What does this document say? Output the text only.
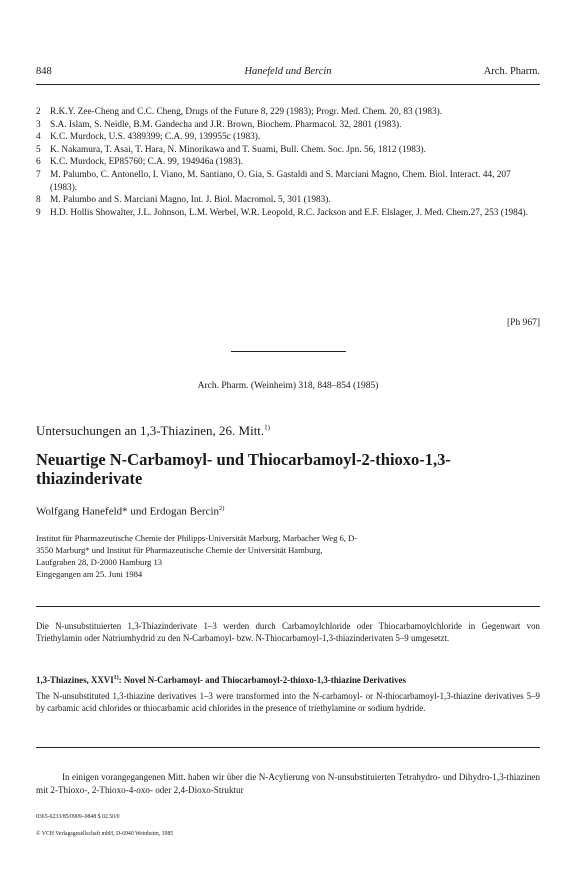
848	Hanefeld und Bercin	Arch. Pharm.
2 R.K.Y. Zee-Cheng and C.C. Cheng, Drugs of the Future 8, 229 (1983); Progr. Med. Chem. 20, 83 (1983).
3 S.A. Islam, S. Neidle, B.M. Gandecha and J.R. Brown, Biochem. Pharmacol. 32, 2801 (1983).
4 K.C. Murdock, U.S. 4389399; C.A. 99, 139955c (1983).
5 K. Nakamura, T. Asai, T. Hara, N. Minorikawa and T. Suami, Bull. Chem. Soc. Jpn. 56, 1812 (1983).
6 K.C. Murdock, EP85760; C.A. 99, 194946a (1983).
7 M. Palumbo, C. Antonello, I. Viano, M. Santiano, O. Gia, S. Gastaldi and S. Marciani Magno, Chem. Biol. Interact. 44, 207 (1983).
8 M. Palumbo and S. Marciani Magno, Int. J. Biol. Macromol. 5, 301 (1983).
9 H.D. Hollis Showalter, J.L. Johnson, L.M. Werbel, W.R. Leopold, R.C. Jackson and E.F. Elslager, J. Med. Chem.27, 253 (1984).
[Ph 967]
Arch. Pharm. (Weinheim) 318, 848–854 (1985)
Untersuchungen an 1,3-Thiazinen, 26. Mitt.$^{1)}$
Neuartige N-Carbamoyl- und Thiocarbamoyl-2-thioxo-1,3-thiazinderivate
Wolfgang Hanefeld* und Erdogan Bercin$^{2)}$
Institut für Pharmazeutische Chemie der Philipps-Universität Marburg, Marbacher Weg 6, D-
3550 Marburg* und Institut für Pharmazeutische Chemie der Universität Hamburg,
Laufgraben 28, D-2000 Hamburg 13
Eingegangen am 25. Juni 1984
Die N-unsubstituierten 1,3-Thiazinderivate 1–3 werden durch Carbamoylchloride oder Thiocarbamoylchloride in Gegenwart von Triethylamin oder Natriumhydrid zu den N-Carbamoyl- bzw. N-Thiocarbamoyl-1,3-thiazinderivaten 5–9 umgesetzt.
1,3-Thiazines, XXVI$^{1)}$: Novel N-Carbamoyl- and Thiocarbamoyl-2-thioxo-1,3-thiazine Derivatives
The N-unsubstituted 1,3-thiazine derivatives 1–3 were transformed into the N-carbamoyl- or N-thiocarbamoyl-1,3-thiazine derivatives 5–9 by carbamic acid chlorides or thiocarbamic acid chlorides in the presence of triethylamine or sodium hydride.
In einigen vorangegangenen Mitt. haben wir über die N-Acylierung von N-unsubstituierten Tetrahydro- und Dihydro-1,3-thiazinen mit 2-Thioxo-, 2-Thioxo-4-oxo- oder 2,4-Dioxo-Struktur
0365-6233/85/0909–0848 $ 02.50/0
© VCH Verlagsgesellschaft mbH, D-6940 Weinheim, 1985
